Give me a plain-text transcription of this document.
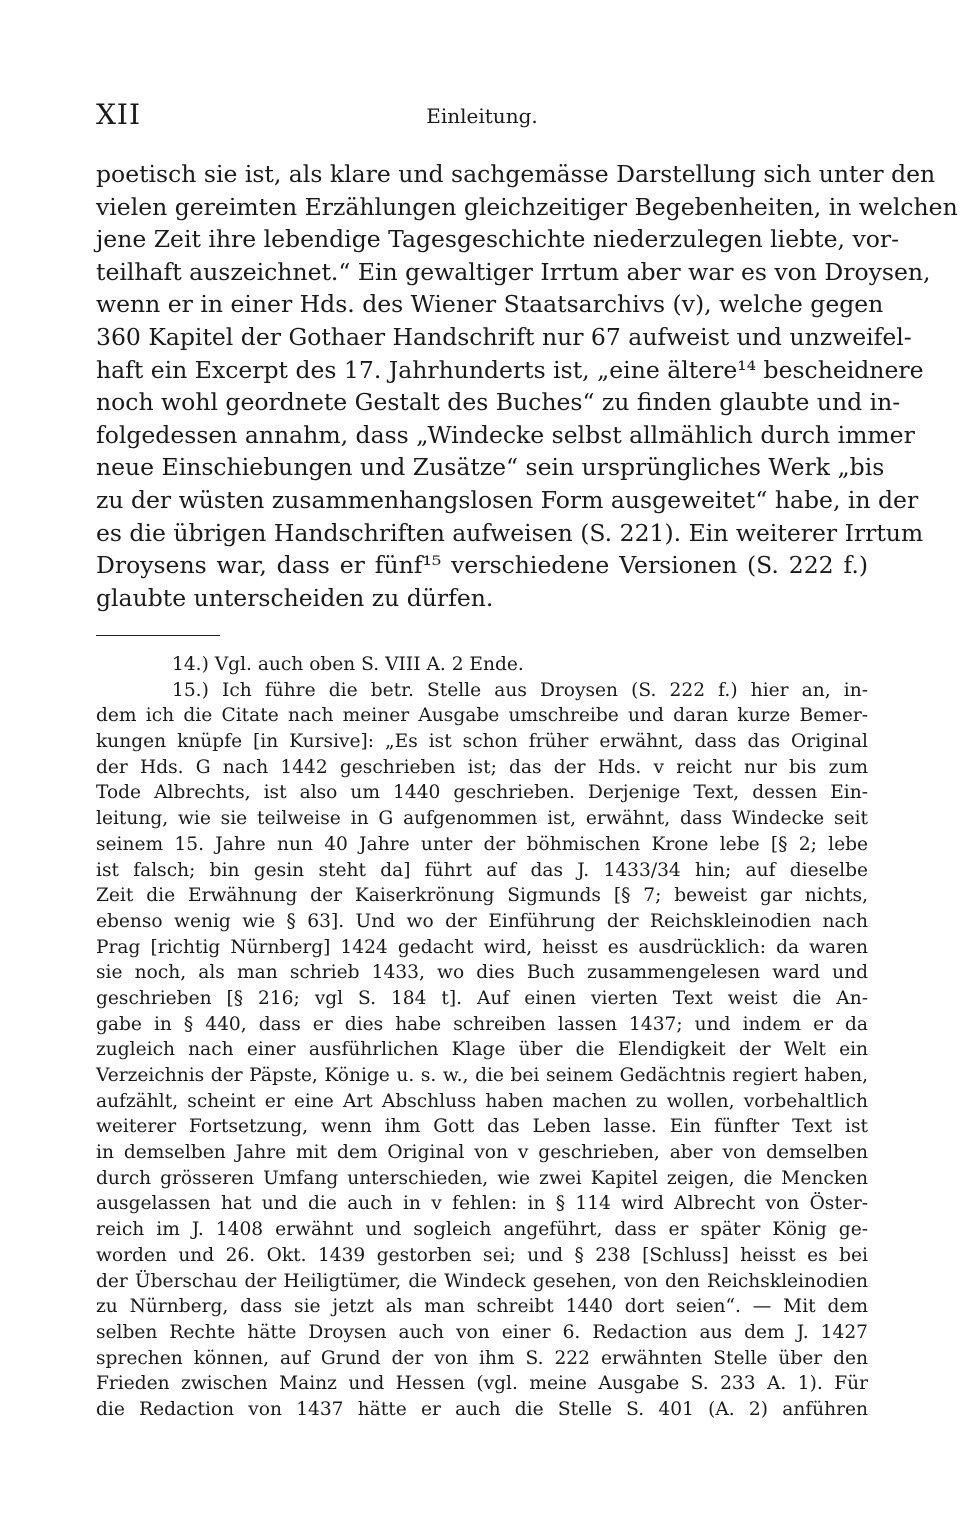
XII	Einleitung.
poetisch sie ist, als klare und sachgemässe Darstellung sich unter den
vielen gereimten Erzählungen gleichzeitiger Begebenheiten, in welchen
jene Zeit ihre lebendige Tagesgeschichte niederzulegen liebte, vor-
teilhaft auszeichnet.“ Ein gewaltiger Irrtum aber war es von Droysen,
wenn er in einer Hds. des Wiener Staatsarchivs (v), welche gegen
360 Kapitel der Gothaer Handschrift nur 67 aufweist und unzweifel-
haft ein Excerpt des 17. Jahrhunderts ist, „eine ältere¹⁴ bescheidnere
noch wohl geordnete Gestalt des Buches“ zu finden glaubte und in-
folgedessen annahm, dass „Windecke selbst allmählich durch immer
neue Einschiebungen und Zusätze“ sein ursprüngliches Werk „bis
zu der wüsten zusammenhangslosen Form ausgeweitet“ habe, in der
es die übrigen Handschriften aufweisen (S. 221). Ein weiterer Irrtum
Droysens war, dass er fünf¹⁵ verschiedene Versionen (S. 222 f.)
glaubte unterscheiden zu dürfen.
14.) Vgl. auch oben S. VIII A. 2 Ende.
15.) Ich führe die betr. Stelle aus Droysen (S. 222 f.) hier an, in-
dem ich die Citate nach meiner Ausgabe umschreibe und daran kurze Bemer-
kungen knüpfe [in Kursive]: „Es ist schon früher erwähnt, dass das Original
der Hds. G nach 1442 geschrieben ist; das der Hds. v reicht nur bis zum
Tode Albrechts, ist also um 1440 geschrieben. Derjenige Text, dessen Ein-
leitung, wie sie teilweise in G aufgenommen ist, erwähnt, dass Windecke seit
seinem 15. Jahre nun 40 Jahre unter der böhmischen Krone lebe [§ 2; lebe
ist falsch; bin gesin steht da] führt auf das J. 1433/34 hin; auf dieselbe
Zeit die Erwähnung der Kaiserkrönung Sigmunds [§ 7; beweist gar nichts,
ebenso wenig wie § 63]. Und wo der Einführung der Reichskleinodien nach
Prag [richtig Nürnberg] 1424 gedacht wird, heisst es ausdrücklich: da waren
sie noch, als man schrieb 1433, wo dies Buch zusammengelesen ward und
geschrieben [§ 216; vgl S. 184 t]. Auf einen vierten Text weist die An-
gabe in § 440, dass er dies habe schreiben lassen 1437; und indem er da
zugleich nach einer ausführlichen Klage über die Elendigkeit der Welt ein
Verzeichnis der Päpste, Könige u. s. w., die bei seinem Gedächtnis regiert haben,
aufzählt, scheint er eine Art Abschluss haben machen zu wollen, vorbehaltlich
weiterer Fortsetzung, wenn ihm Gott das Leben lasse. Ein fünfter Text ist
in demselben Jahre mit dem Original von v geschrieben, aber von demselben
durch grösseren Umfang unterschieden, wie zwei Kapitel zeigen, die Mencken
ausgelassen hat und die auch in v fehlen: in § 114 wird Albrecht von Öster-
reich im J. 1408 erwähnt und sogleich angeführt, dass er später König ge-
worden und 26. Okt. 1439 gestorben sei; und § 238 [Schluss] heisst es bei
der Überschau der Heiligtümer, die Windeck gesehen, von den Reichskleinodien
zu Nürnberg, dass sie jetzt als man schreibt 1440 dort seien“. — Mit dem
selben Rechte hätte Droysen auch von einer 6. Redaction aus dem J. 1427
sprechen können, auf Grund der von ihm S. 222 erwähnten Stelle über den
Frieden zwischen Mainz und Hessen (vgl. meine Ausgabe S. 233 A. 1). Für
die Redaction von 1437 hätte er auch die Stelle S. 401 (A. 2) anführen
